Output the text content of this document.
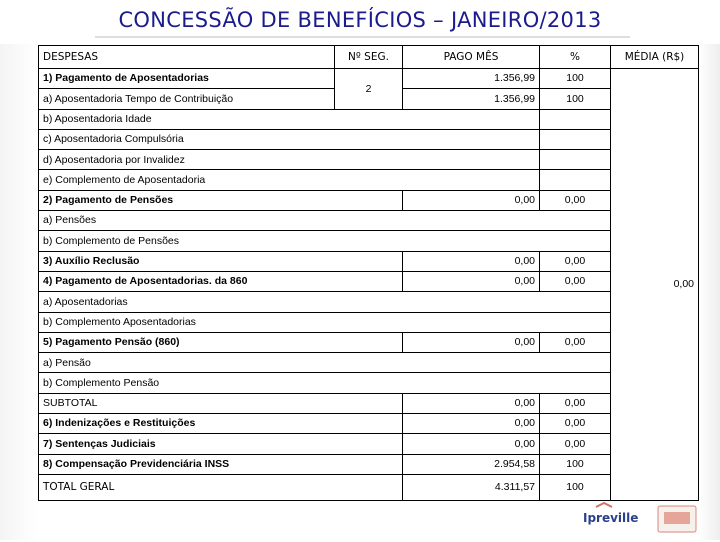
CONCESSÃO DE BENEFÍCIOS – JANEIRO/2013
DESPESAS	Nº SEG.	PAGO MÊS	%	MÉDIA (R$)
1) Pagamento de Aposentadorias	2	1.356,99	100	0,00
a) Aposentadoria Tempo de Contribuição		1.356,99	100	
b) Aposentadoria Idade				
c) Aposentadoria Compulsória				
d) Aposentadoria por Invalidez				
e) Complemento de Aposentadoria				
2) Pagamento de Pensões		0,00	0,00	
a) Pensões				
b) Complemento de Pensões				
3) Auxílio Reclusão		0,00	0,00	
4) Pagamento de Aposentadorias. da 860		0,00	0,00	
a) Aposentadorias				
b) Complemento Aposentadorias				
5) Pagamento Pensão (860)		0,00	0,00	
a) Pensão				
b) Complemento Pensão				
SUBTOTAL		0,00	0,00	
6) Indenizações e Restituições		0,00	0,00	
7) Sentenças Judiciais		0,00	0,00	
8) Compensação Previdenciária INSS		2.954,58	100	
TOTAL GERAL		4.311,57	100	
Ipreville
